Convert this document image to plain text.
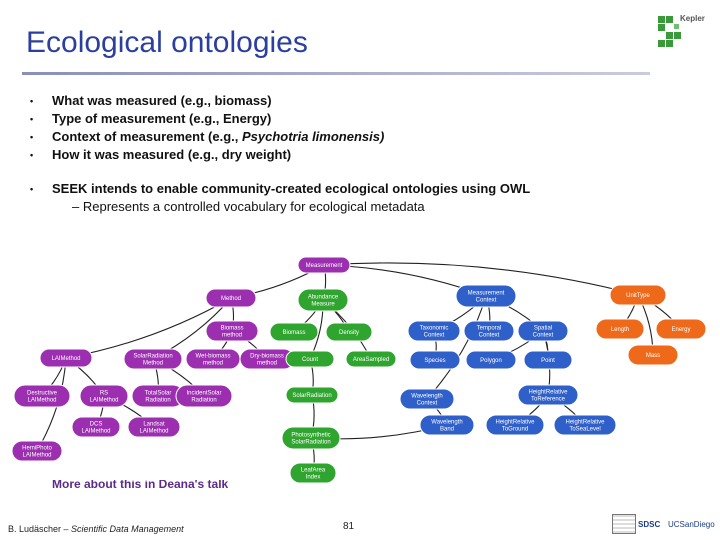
Ecological ontologies
Kepler
• What was measured (e.g., biomass)
• Type of measurement (e.g., Energy)
• Context of measurement (e.g., Psychotria limonensis)
• How it was measured (e.g., dry weight)
• SEEK intends to enable community-created ecological ontologies using OWL
– Represents a controlled vocabulary for ecological metadata
Measurement
Method	Abundance
Measure
Measurement
Context
UnitType
Biomass
method	Biomass	Density
Taxonomic
Context
Temporal
Context
Spatial
Context
Length	Energy
LAIMethod	SolarRadiation
Method
Wet-biomass
method
Dry-biomass
method
Count	AreaSampled	Species	Polygon	Point
Mass
Destructive
LAIMethod
RS
LAIMethod
TotalSolar
Radiation
IncidentSolar
Radiation
SolarRadiation	Wavelength
Context
HeightRelative
ToReference
DCS
LAIMethod
Landsat
LAIMethod
Wavelength
Band
HeightRelative
ToGround
HeightRelative
ToSeaLevel
Photosynthetic
SolarRadiation
HemiPhoto
LAIMethod
LeafArea
Index
More about this in Deana's talk
B. Ludäscher – Scientific Data Management	81	SDSC UCSanDiego
